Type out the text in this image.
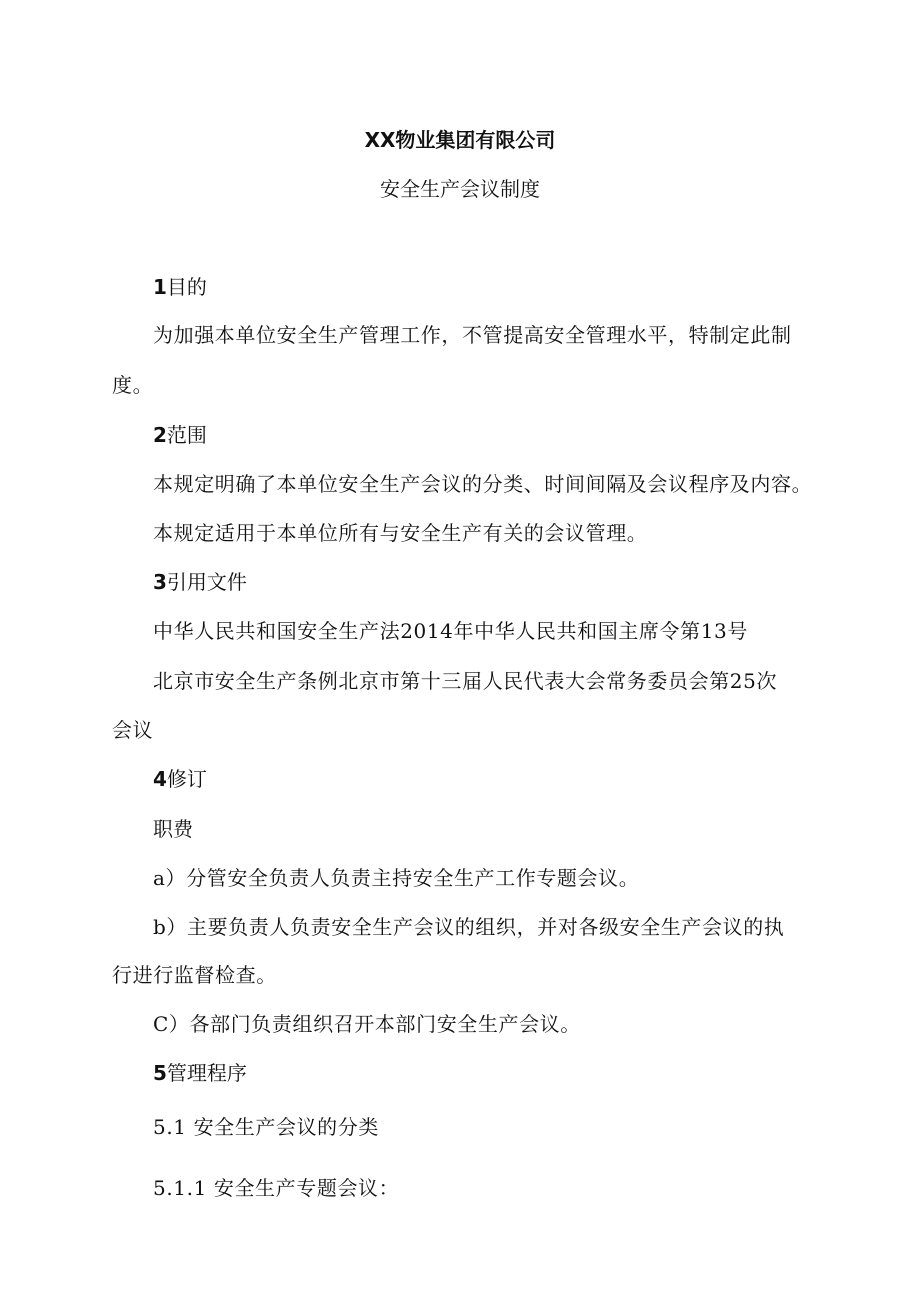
XX物业集团有限公司
安全生产会议制度
1目的
为加强本单位安全生产管理工作，不管提高安全管理水平，特制定此制
度。
2范围
本规定明确了本单位安全生产会议的分类、时间间隔及会议程序及内容。
本规定适用于本单位所有与安全生产有关的会议管理。
3引用文件
中华人民共和国安全生产法2014年中华人民共和国主席令第13号
北京市安全生产条例北京市第十三届人民代表大会常务委员会第25次
会议
4修订
职费
a）分管安全负责人负责主持安全生产工作专题会议。
b）主要负责人负责安全生产会议的组织，并对各级安全生产会议的执
行进行监督检查。
C）各部门负责组织召开本部门安全生产会议。
5管理程序
5.1 安全生产会议的分类
5.1.1 安全生产专题会议：
